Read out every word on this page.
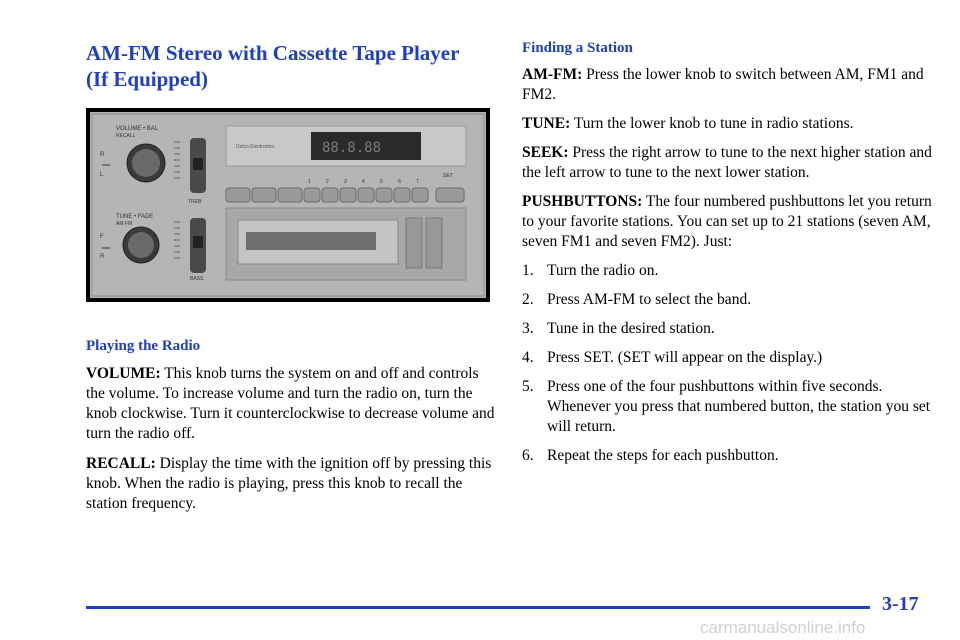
AM-FM Stereo with Cassette Tape Player
(If Equipped)
VOLUME • BAL
RECALL
R
L
TUNE • FADE
AM FM
F
R
TREB
BASS
Delco Electronics	88.8.88
1	2	3	4	5	6	7
SET
Playing the Radio

VOLUME: This knob turns the system on and off and controls the volume. To increase volume and turn the radio on, turn the knob clockwise. Turn it counterclockwise to decrease volume and turn the radio off.

RECALL: Display the time with the ignition off by pressing this knob. When the radio is playing, press this knob to recall the station frequency.

Finding a Station

AM-FM: Press the lower knob to switch between AM, FM1 and FM2.

TUNE: Turn the lower knob to tune in radio stations.

SEEK: Press the right arrow to tune to the next higher station and the left arrow to tune to the next lower station.

PUSHBUTTONS: The four numbered pushbuttons let you return to your favorite stations. You can set up to 21 stations (seven AM, seven FM1 and seven FM2). Just:

1. Turn the radio on.
2. Press AM-FM to select the band.
3. Tune in the desired station.
4. Press SET. (SET will appear on the display.)
5. Press one of the four pushbuttons within five seconds. Whenever you press that numbered button, the station you set will return.
6. Repeat the steps for each pushbutton.
3-17
carmanualsonline.info
